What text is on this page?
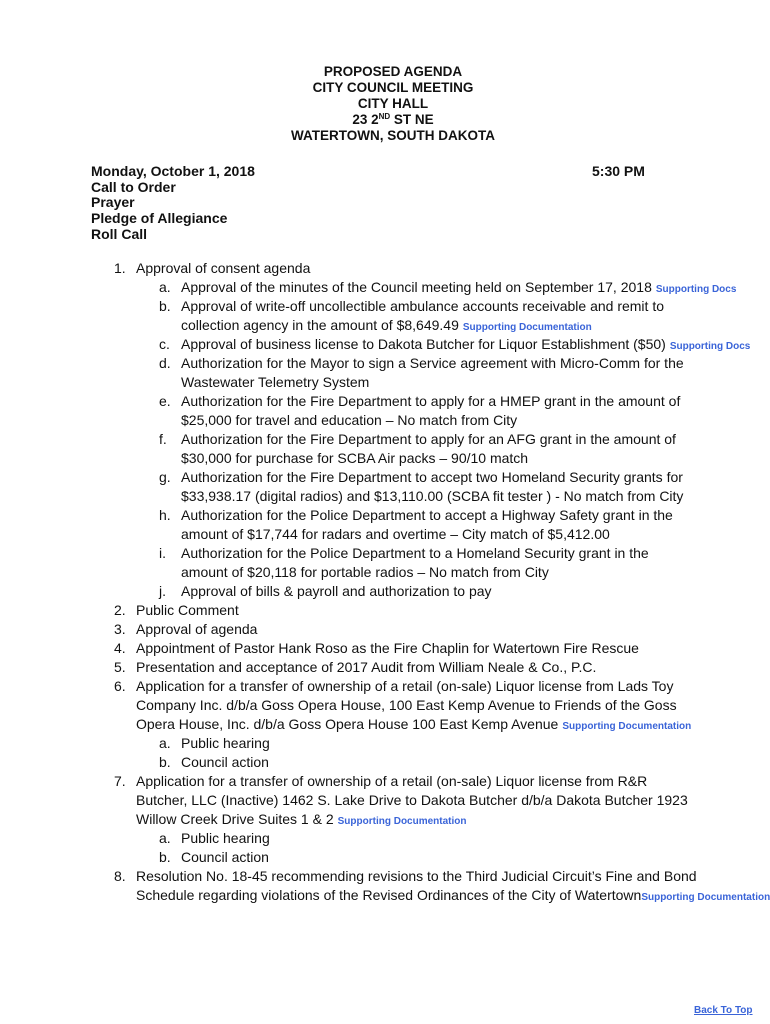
PROPOSED AGENDA
CITY COUNCIL MEETING
CITY HALL
23 2ND ST NE
WATERTOWN, SOUTH DAKOTA
Monday, October 1, 2018
Call to Order
Prayer
Pledge of Allegiance
Roll Call
5:30 PM
1. Approval of consent agenda
a. Approval of the minutes of the Council meeting held on September 17, 2018 Supporting Docs
b. Approval of write-off uncollectible ambulance accounts receivable and remit to
collection agency in the amount of $8,649.49 Supporting Documentation
c. Approval of business license to Dakota Butcher for Liquor Establishment ($50) Supporting Docs
d. Authorization for the Mayor to sign a Service agreement with Micro-Comm for the
Wastewater Telemetry System
e. Authorization for the Fire Department to apply for a HMEP grant in the amount of
$25,000 for travel and education – No match from City
f. Authorization for the Fire Department to apply for an AFG grant in the amount of
$30,000 for purchase for SCBA Air packs – 90/10 match
g. Authorization for the Fire Department to accept two Homeland Security grants for
$33,938.17 (digital radios) and $13,110.00 (SCBA fit tester ) - No match from City
h. Authorization for the Police Department to accept a Highway Safety grant in the
amount of $17,744 for radars and overtime – City match of $5,412.00
i. Authorization for the Police Department to a Homeland Security grant in the
amount of $20,118 for portable radios – No match from City
j. Approval of bills & payroll and authorization to pay
2. Public Comment
3. Approval of agenda
4. Appointment of Pastor Hank Roso as the Fire Chaplin for Watertown Fire Rescue
5. Presentation and acceptance of 2017 Audit from William Neale & Co., P.C.
6. Application for a transfer of ownership of a retail (on-sale) Liquor license from Lads Toy
Company Inc. d/b/a Goss Opera House, 100 East Kemp Avenue to Friends of the Goss
Opera House, Inc. d/b/a Goss Opera House 100 East Kemp Avenue Supporting Documentation
a. Public hearing
b. Council action
7. Application for a transfer of ownership of a retail (on-sale) Liquor license from R&R
Butcher, LLC (Inactive) 1462 S. Lake Drive to Dakota Butcher d/b/a Dakota Butcher 1923
Willow Creek Drive Suites 1 & 2 Supporting Documentation
a. Public hearing
b. Council action
8. Resolution No. 18-45 recommending revisions to the Third Judicial Circuit’s Fine and Bond
Schedule regarding violations of the Revised Ordinances of the City of WatertownSupporting Documentation
Back To Top
